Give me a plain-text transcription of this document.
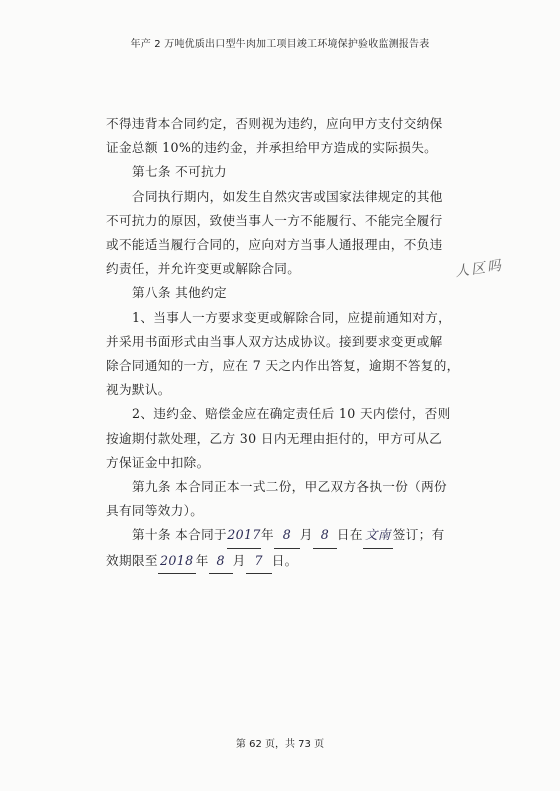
年产 2 万吨优质出口型牛肉加工项目竣工环境保护验收监测报告表

不得违背本合同约定，否则视为违约，应向甲方支付交纳保

证金总额 10%的违约金，并承担给甲方造成的实际损失。

第七条 不可抗力

合同执行期内，如发生自然灾害或国家法律规定的其他

不可抗力的原因，致使当事人一方不能履行、不能完全履行

或不能适当履行合同的，应向对方当事人通报理由，不负违

约责任，并允许变更或解除合同。

第八条 其他约定

1、当事人一方要求变更或解除合同，应提前通知对方，

并采用书面形式由当事人双方达成协议。接到要求变更或解

除合同通知的一方，应在 7 天之内作出答复，逾期不答复的，

视为默认。

2、违约金、赔偿金应在确定责任后 10 天内偿付，否则

按逾期付款处理，乙方 30 日内无理由拒付的，甲方可从乙

方保证金中扣除。

第九条 本合同正本一式二份，甲乙双方各执一份（两份

具有同等效力）。

第十条 本合同于2017年 8 月 8 日在 文南 签订；有

效期限至 2018 年 8 月 7 日。

人区吗
第 62 页，共 73 页
